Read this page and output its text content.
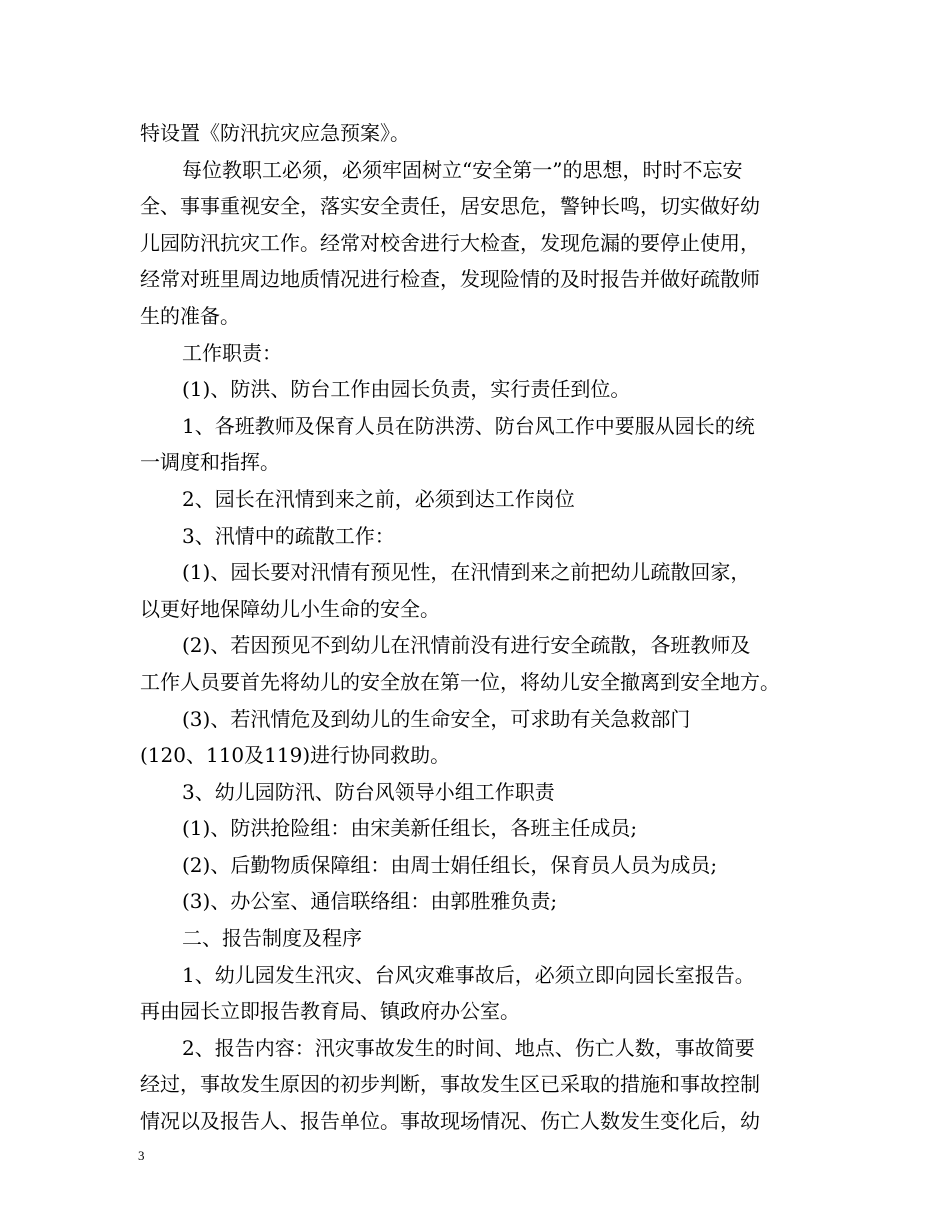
特设置《防汛抗灾应急预案》。
每位教职工必须，必须牢固树立“安全第一”的思想，时时不忘安
全、事事重视安全，落实安全责任，居安思危，警钟长鸣，切实做好幼
儿园防汛抗灾工作。经常对校舍进行大检查，发现危漏的要停止使用，
经常对班里周边地质情况进行检查，发现险情的及时报告并做好疏散师
生的准备。
工作职责：
(1)、防洪、防台工作由园长负责，实行责任到位。
1、各班教师及保育人员在防洪涝、防台风工作中要服从园长的统
一调度和指挥。
2、园长在汛情到来之前，必须到达工作岗位
3、汛情中的疏散工作：
(1)、园长要对汛情有预见性，在汛情到来之前把幼儿疏散回家，
以更好地保障幼儿小生命的安全。
(2)、若因预见不到幼儿在汛情前没有进行安全疏散，各班教师及
工作人员要首先将幼儿的安全放在第一位，将幼儿安全撤离到安全地方。
(3)、若汛情危及到幼儿的生命安全，可求助有关急救部门
(120、110及119)进行协同救助。
3、幼儿园防汛、防台风领导小组工作职责
(1)、防洪抢险组：由宋美新任组长，各班主任成员;
(2)、后勤物质保障组：由周士娟任组长，保育员人员为成员;
(3)、办公室、通信联络组：由郭胜雅负责;
二、报告制度及程序
1、幼儿园发生汛灾、台风灾难事故后，必须立即向园长室报告。
再由园长立即报告教育局、镇政府办公室。
2、报告内容：汛灾事故发生的时间、地点、伤亡人数，事故简要
经过，事故发生原因的初步判断，事故发生区已采取的措施和事故控制
情况以及报告人、报告单位。事故现场情况、伤亡人数发生变化后，幼
3
